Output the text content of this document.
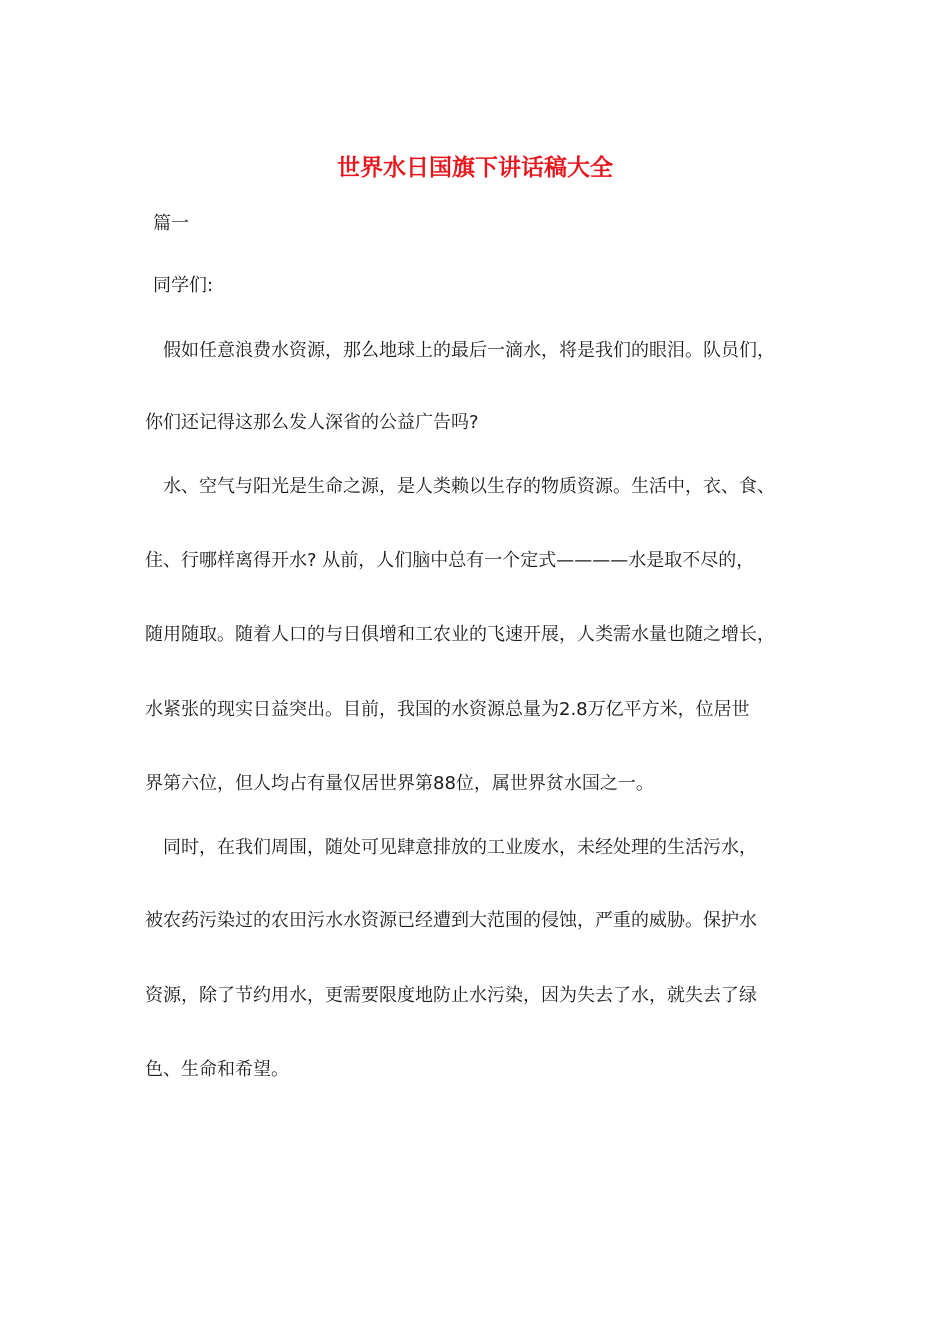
世界水日国旗下讲话稿大全

篇一

同学们:

假如任意浪费水资源，那么地球上的最后一滴水，将是我们的眼泪。队员们，

你们还记得这那么发人深省的公益广告吗?

水、空气与阳光是生命之源，是人类赖以生存的物质资源。生活中，衣、食、

住、行哪样离得开水? 从前，人们脑中总有一个定式————水是取不尽的，

随用随取。随着人口的与日俱增和工农业的飞速开展，人类需水量也随之增长，

水紧张的现实日益突出。目前，我国的水资源总量为2.8万亿平方米，位居世

界第六位，但人均占有量仅居世界第88位，属世界贫水国之一。

同时，在我们周围，随处可见肆意排放的工业废水，未经处理的生活污水，

被农药污染过的农田污水水资源已经遭到大范围的侵蚀，严重的威胁。保护水

资源，除了节约用水，更需要限度地防止水污染，因为失去了水，就失去了绿

色、生命和希望。
